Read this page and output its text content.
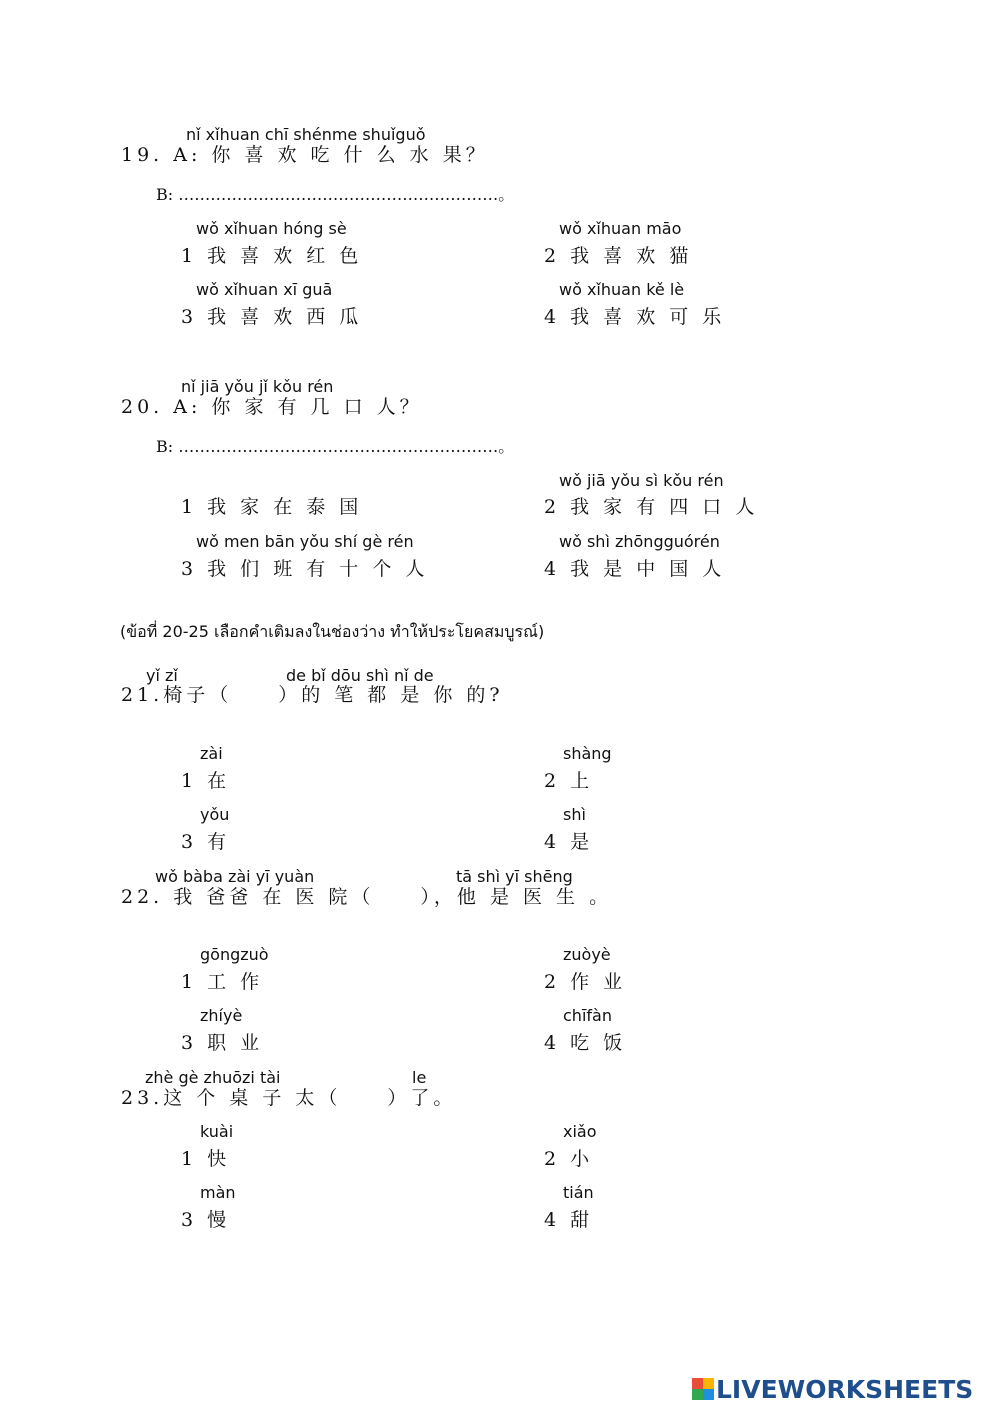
nǐ xǐhuan chī shénme shuǐguǒ
19. A: 你 喜 欢 吃 什 么 水 果？
B: ……………………………………………………。
wǒ xǐhuan hóng sè
1 我 喜 欢 红 色
wǒ xǐhuan māo
2 我 喜 欢 猫
wǒ xǐhuan xī guā
3 我 喜 欢 西 瓜
wǒ xǐhuan kě lè
4 我 喜 欢 可 乐
nǐ jiā yǒu jǐ kǒu rén
20. A: 你 家 有 几 口 人？
B: ……………………………………………………。
1 我 家 在 泰 国
wǒ jiā yǒu sì kǒu rén
2 我 家 有 四 口 人
wǒ men bān yǒu shí gè rén
3 我 们 班 有 十 个 人
wǒ shì zhōngguórén
4 我 是 中 国 人
(ข้อที่ 20-25 เลือกคำเติมลงในช่องว่าง ทำให้ประโยคสมบูรณ์)
yǐ zǐ	de bǐ dōu shì nǐ de
21.椅子（　　）的 笔 都 是 你 的?
zài
1 在
shàng
2 上
yǒu
3 有
shì
4 是
wǒ bàba zài yī yuàn	tā shì yī shēng
22. 我 爸爸 在 医 院（　　），他 是 医 生 。
gōngzuò
1 工 作
zuòyè
2 作 业
zhíyè
3 职 业
chīfàn
4 吃 饭
zhè gè zhuōzi tài	le
23.这 个 桌 子 太（　　）了。
kuài
1 快
xiǎo
2 小
màn
3 慢
tián
4 甜
LIVEWORKSHEETS
